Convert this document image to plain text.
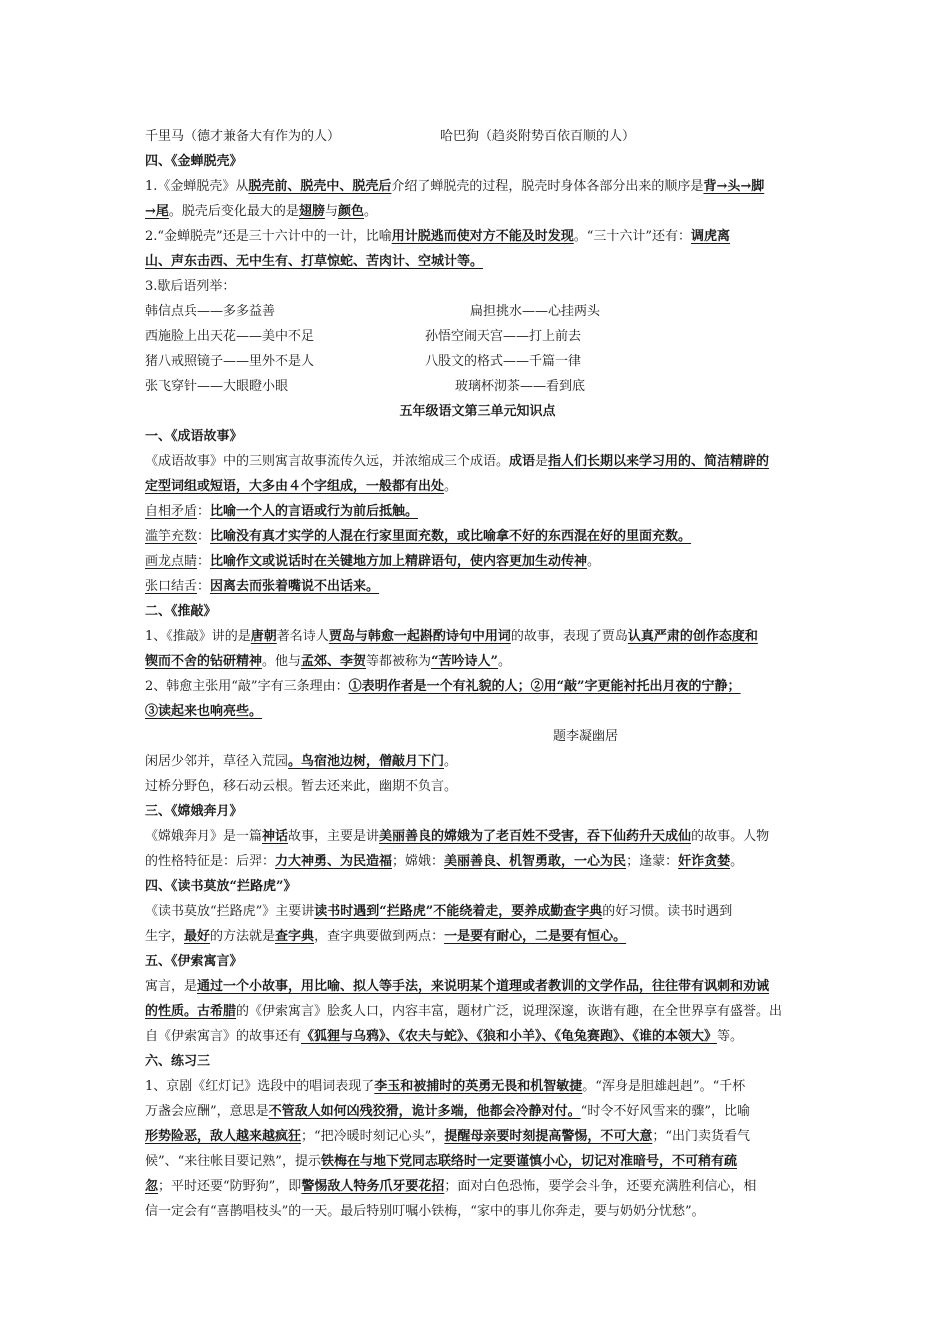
千里马（德才兼备大有作为的人）	哈巴狗（趋炎附势百依百顺的人）
四、《金蝉脱壳》
1.《金蝉脱壳》从脱壳前、脱壳中、脱壳后介绍了蝉脱壳的过程，脱壳时身体各部分出来的顺序是背→头→脚
→尾。脱壳后变化最大的是翅膀与颜色。
2.“金蝉脱壳”还是三十六计中的一计，比喻用计脱逃而使对方不能及时发现。“三十六计”还有：调虎离
山、声东击西、无中生有、打草惊蛇、苦肉计、空城计等。
3.歇后语列举：
韩信点兵——多多益善	扁担挑水——心挂两头
西施脸上出天花——美中不足	孙悟空闹天宫——打上前去
猪八戒照镜子——里外不是人	八股文的格式——千篇一律
张飞穿针——大眼瞪小眼	玻璃杯沏茶——看到底
五年级语文第三单元知识点
一、《成语故事》
《成语故事》中的三则寓言故事流传久远，并浓缩成三个成语。成语是指人们长期以来学习用的、简洁精辟的
定型词组或短语，大多由４个字组成，一般都有出处。
自相矛盾：比喻一个人的言语或行为前后抵触。
滥竽充数：比喻没有真才实学的人混在行家里面充数，或比喻拿不好的东西混在好的里面充数。
画龙点睛：比喻作文或说话时在关键地方加上精辟语句，使内容更加生动传神。
张口结舌：因离去而张着嘴说不出话来。
二、《推敲》
1、《推敲》讲的是唐朝著名诗人贾岛与韩愈一起斟酌诗句中用词的故事，表现了贾岛认真严肃的创作态度和
锲而不舍的钻研精神。他与孟郊、李贺等都被称为“苦吟诗人”。
2、韩愈主张用“敲”字有三条理由：①表明作者是一个有礼貌的人；②用“敲”字更能衬托出月夜的宁静；
③读起来也响亮些。
题李凝幽居
闲居少邻并，草径入荒园。鸟宿池边树，僧敲月下门。
过桥分野色，移石动云根。暂去还来此，幽期不负言。
三、《嫦娥奔月》
《嫦娥奔月》是一篇神话故事，主要是讲美丽善良的嫦娥为了老百姓不受害，吞下仙药升天成仙的故事。人物
的性格特征是：后羿：力大神勇、为民造福；嫦娥：美丽善良、机智勇敢，一心为民；逢蒙：奸诈贪婪。
四、《读书莫放“拦路虎”》
《读书莫放“拦路虎”》主要讲读书时遇到“拦路虎”不能绕着走，要养成勤查字典的好习惯。读书时遇到
生字，最好的方法就是查字典，查字典要做到两点：一是要有耐心，二是要有恒心。
五、《伊索寓言》
寓言，是通过一个小故事，用比喻、拟人等手法，来说明某个道理或者教训的文学作品，往往带有讽刺和劝诫
的性质。古希腊的《伊索寓言》脍炙人口，内容丰富，题材广泛，说理深邃，诙谐有趣，在全世界享有盛誉。出
自《伊索寓言》的故事还有《狐狸与乌鸦》、《农夫与蛇》、《狼和小羊》、《龟兔赛跑》、《谁的本领大》等。
六、练习三
1、京剧《红灯记》选段中的唱词表现了李玉和被捕时的英勇无畏和机智敏捷。“浑身是胆雄赳赳”。“千杯
万盏会应酬”，意思是不管敌人如何凶残狡猾，诡计多端，他都会冷静对付。“时令不好风雪来的骤”，比喻
形势险恶，敌人越来越疯狂；“把冷暖时刻记心头”，提醒母亲要时刻提高警惕，不可大意；“出门卖货看气
候”、“来往帐目要记熟”，提示铁梅在与地下党同志联络时一定要谨慎小心，切记对准暗号，不可稍有疏
忽；平时还要“防野狗”，即警惕敌人特务爪牙要花招；面对白色恐怖，要学会斗争，还要充满胜利信心，相
信一定会有“喜鹊唱枝头”的一天。最后特别叮嘱小铁梅，“家中的事儿你奔走，要与奶奶分忧愁”。
